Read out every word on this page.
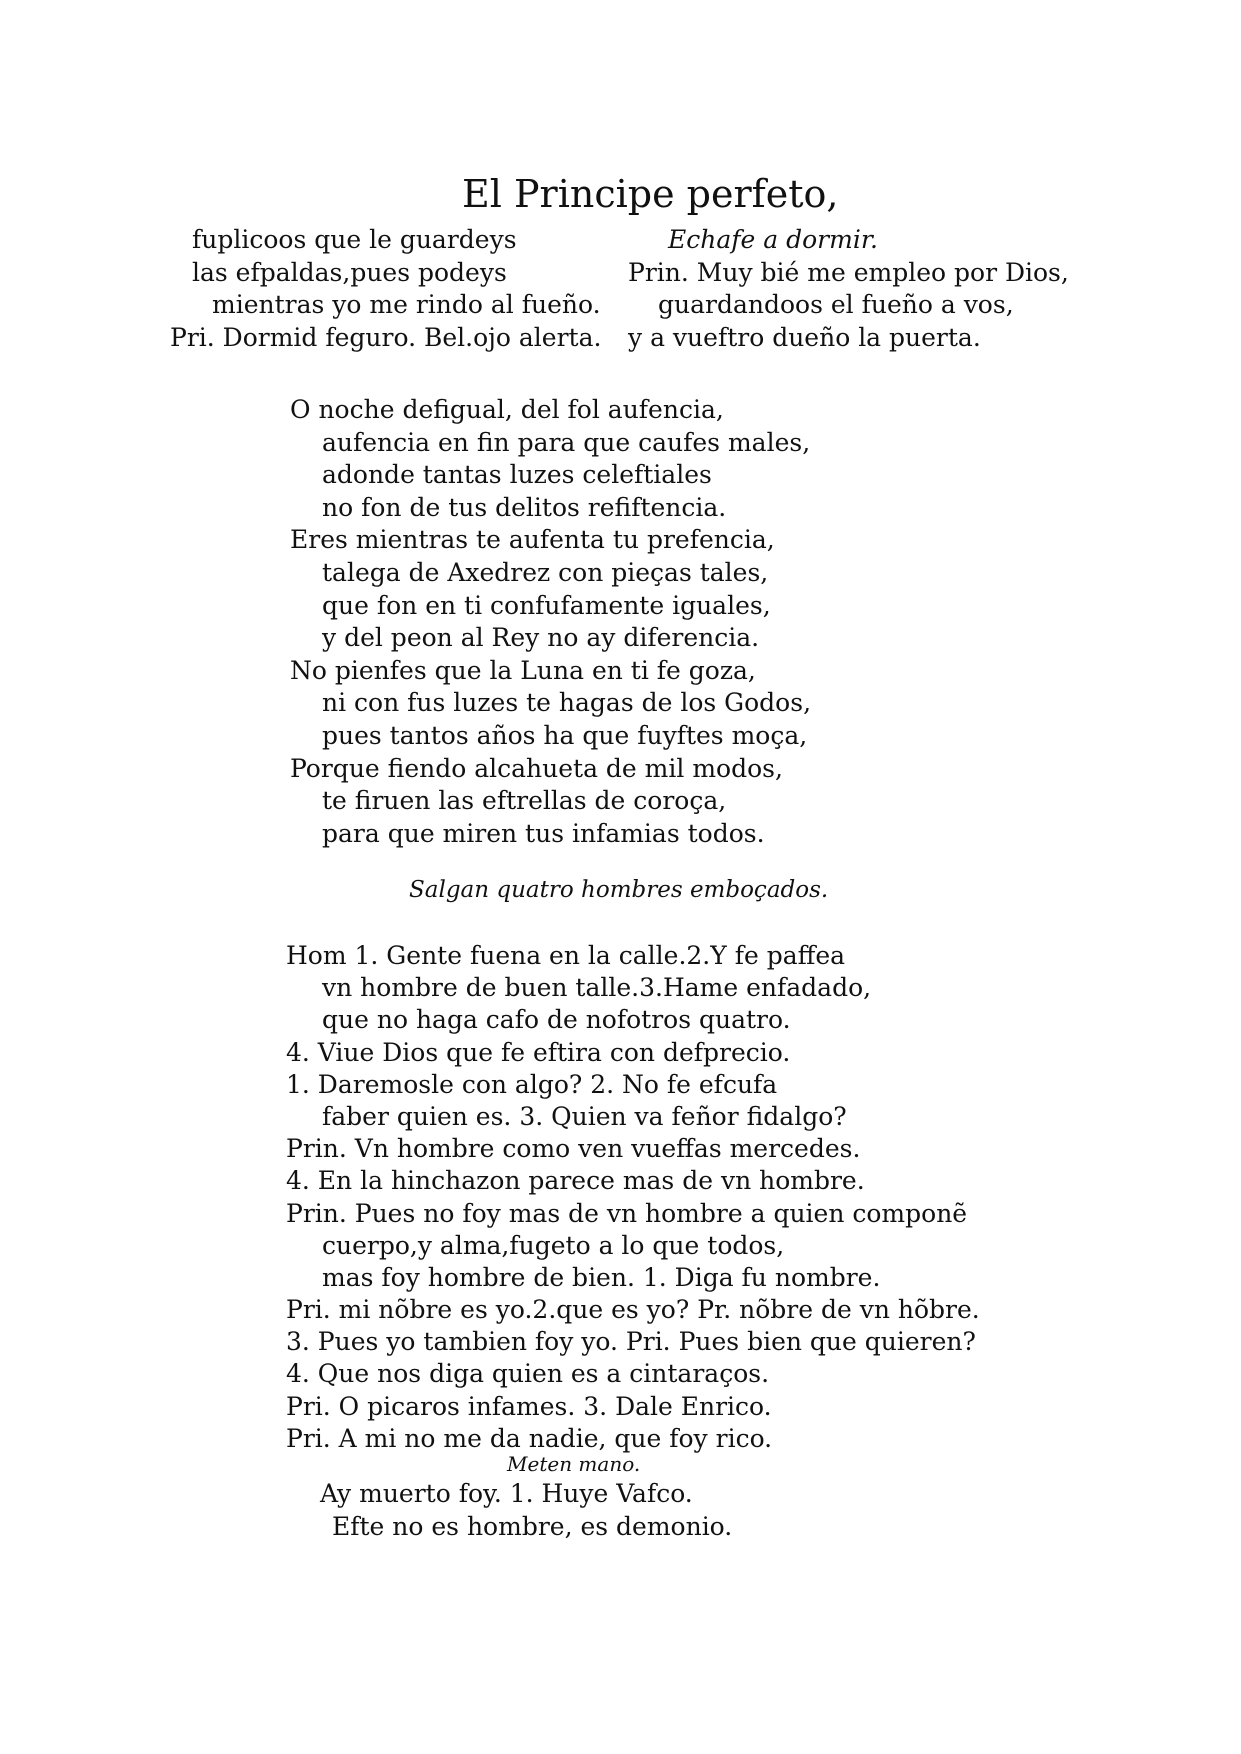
El Principe perfeto,
fuplicoos que le guardeys
las efpaldas,pues podeys
mientras yo me rindo al fueño.
Pri. Dormid feguro. Bel.ojo alerta.
Echafe a dormir.
Prin. Muy bié me empleo por Dios,
guardandoos el fueño a vos,
y a vueftro dueño la puerta.
O noche defigual, del fol aufencia,
aufencia en fin para que caufes males,
adonde tantas luzes celeftiales
no fon de tus delitos refiftencia.
Eres mientras te aufenta tu prefencia,
talega de Axedrez con pieças tales,
que fon en ti confufamente iguales,
y del peon al Rey no ay diferencia.
No pienfes que la Luna en ti fe goza,
ni con fus luzes te hagas de los Godos,
pues tantos años ha que fuyftes moça,
Porque fiendo alcahueta de mil modos,
te firuen las eftrellas de coroça,
para que miren tus infamias todos.
Salgan quatro hombres emboçados.
Hom 1. Gente fuena en la calle.2.Y fe paffea
vn hombre de buen talle.3.Hame enfadado,
que no haga cafo de nofotros quatro.
4. Viue Dios que fe eftira con defprecio.
1. Daremosle con algo? 2. No fe efcufa
faber quien es. 3. Quien va feñor fidalgo?
Prin. Vn hombre como ven vueffas mercedes.
4. En la hinchazon parece mas de vn hombre.
Prin. Pues no foy mas de vn hombre a quien componẽ
cuerpo,y alma,fugeto a lo que todos,
mas foy hombre de bien. 1. Diga fu nombre.
Pri. mi nõbre es yo.2.que es yo? Pr. nõbre de vn hõbre.
3. Pues yo tambien foy yo. Pri. Pues bien que quieren?
4. Que nos diga quien es a cintaraços.
Pri. O picaros infames. 3. Dale Enrico.
Pri. A mi no me da nadie, que foy rico.
Meten mano.
Ay muerto foy. 1. Huye Vafco.
Efte no es hombre, es demonio.
